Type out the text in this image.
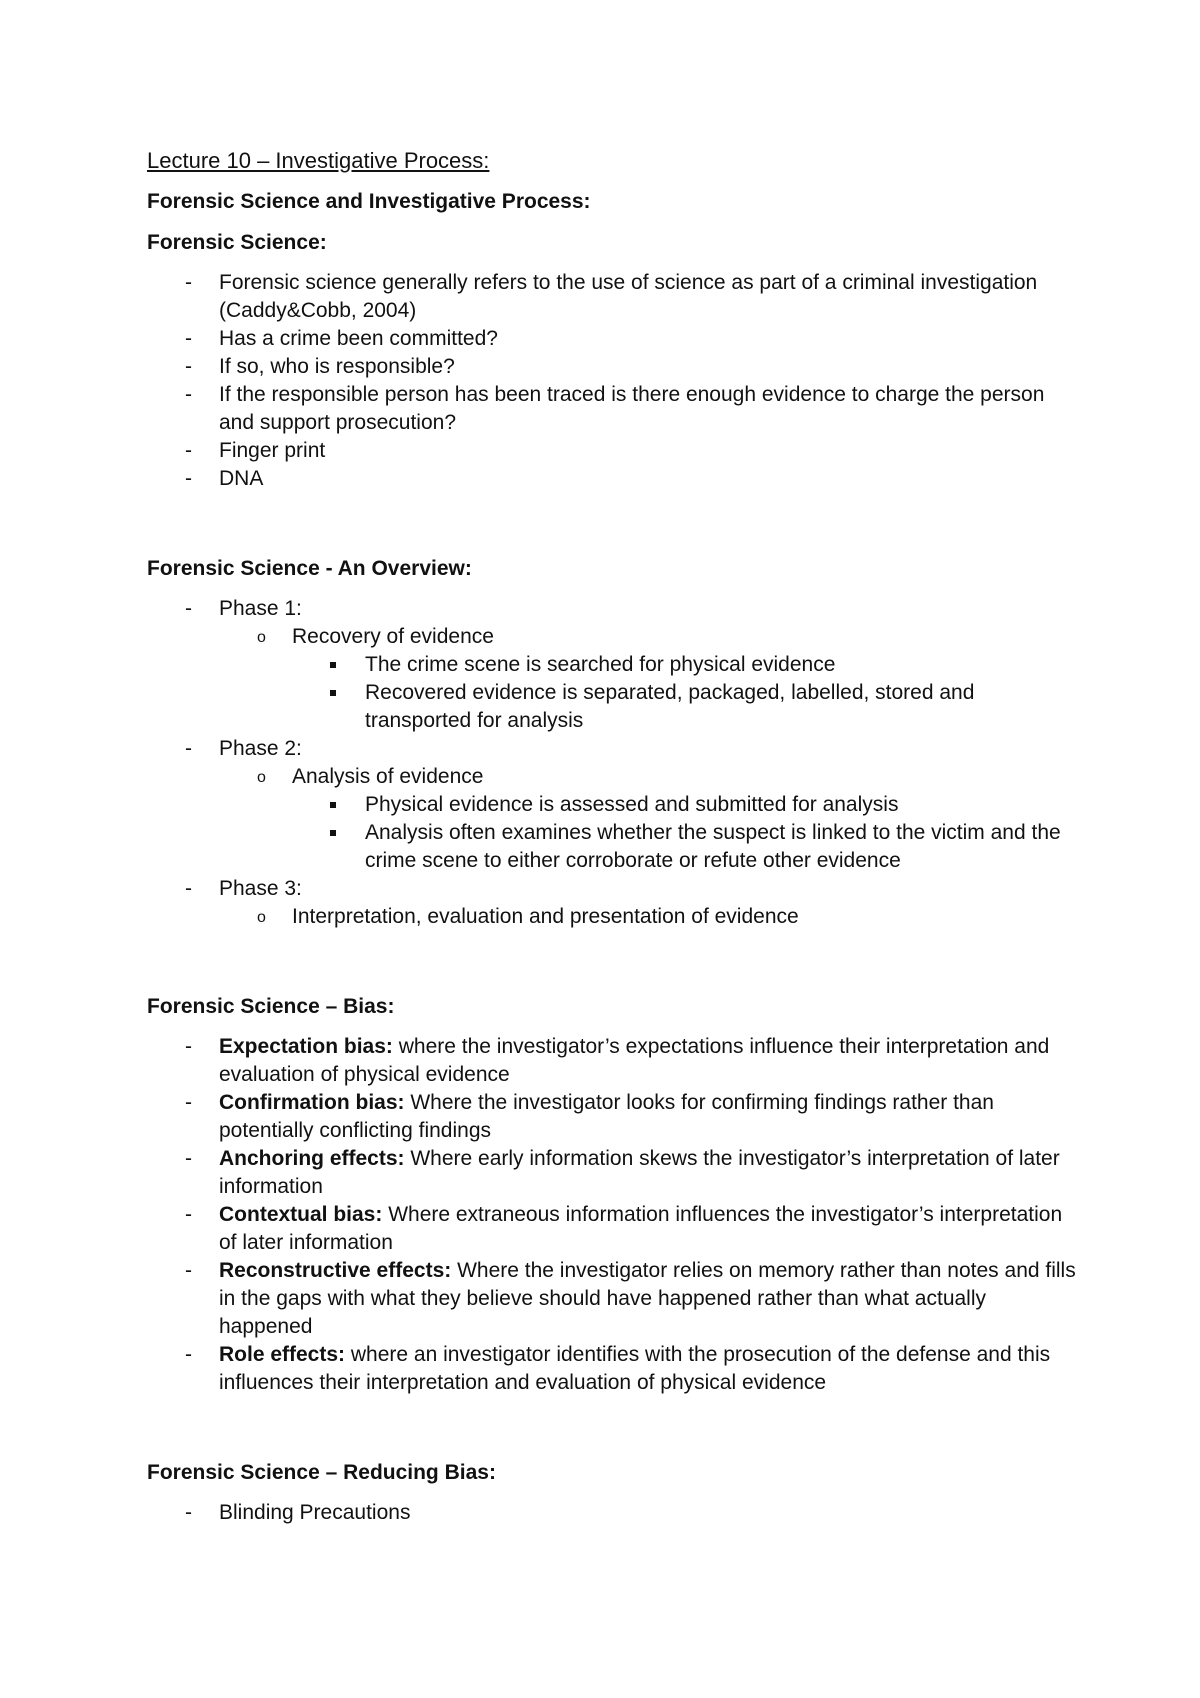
Lecture 10 – Investigative Process:

Forensic Science and Investigative Process:

Forensic Science:

- Forensic science generally refers to the use of science as part of a criminal investigation (Caddy&Cobb, 2004)
- Has a crime been committed?
- If so, who is responsible?
- If the responsible person has been traced is there enough evidence to charge the person and support prosecution?
- Finger print
- DNA

Forensic Science - An Overview:

- Phase 1:
o Recovery of evidence
The crime scene is searched for physical evidence
Recovered evidence is separated, packaged, labelled, stored and transported for analysis
- Phase 2:
o Analysis of evidence
Physical evidence is assessed and submitted for analysis
Analysis often examines whether the suspect is linked to the victim and the crime scene to either corroborate or refute other evidence
- Phase 3:
o Interpretation, evaluation and presentation of evidence

Forensic Science – Bias:

- Expectation bias: where the investigator’s expectations influence their interpretation and evaluation of physical evidence
- Confirmation bias: Where the investigator looks for confirming findings rather than potentially conflicting findings
- Anchoring effects: Where early information skews the investigator’s interpretation of later information
- Contextual bias: Where extraneous information influences the investigator’s interpretation of later information
- Reconstructive effects: Where the investigator relies on memory rather than notes and fills in the gaps with what they believe should have happened rather than what actually happened
- Role effects: where an investigator identifies with the prosecution of the defense and this influences their interpretation and evaluation of physical evidence

Forensic Science – Reducing Bias:

- Blinding Precautions
